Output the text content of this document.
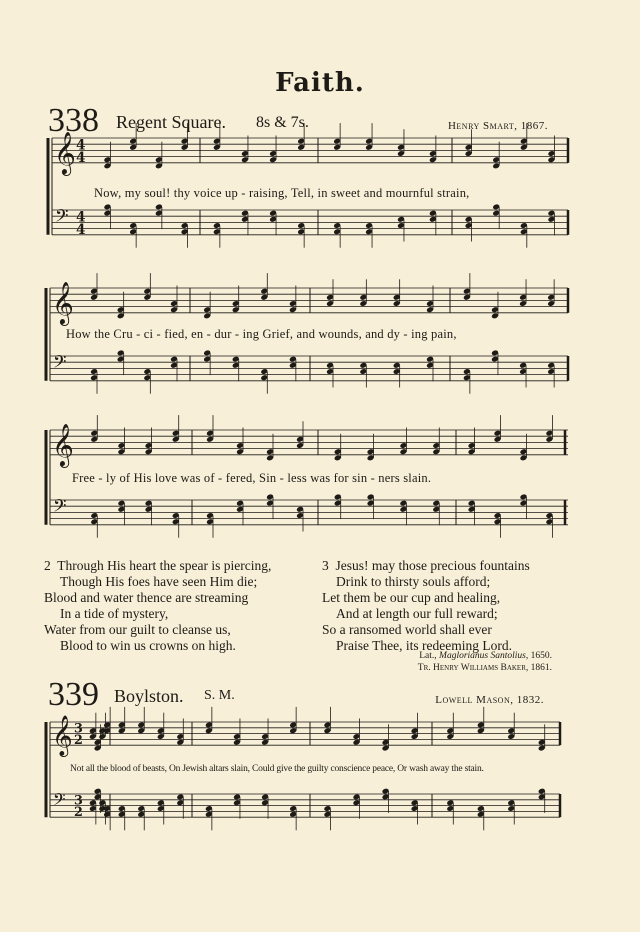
Faith.
338 Regent Square. 8s & 7s.	Henry Smart, 1867.
Now, my soul! thy voice up - raising, Tell, in sweet and mournful strain,
How the Cru - ci - fied, en - dur - ing Grief, and wounds, and dy - ing pain,
Free - ly of His love was of - fered, Sin - less was for sin - ners slain.
2 Through His heart the spear is piercing,
Though His foes have seen Him die;
Blood and water thence are streaming
In a tide of mystery,
Water from our guilt to cleanse us,
Blood to win us crowns on high.
3 Jesus! may those precious fountains
Drink to thirsty souls afford;
Let them be our cup and healing,
And at length our full reward;
So a ransomed world shall ever
Praise Thee, its redeeming Lord.
Lat., Maglorianus Santolius, 1650.
Tr. Henry Williams Baker, 1861.
339 Boylston. S. M.	Lowell Mason, 1832.
Not all the blood of beasts, On Jewish altars slain, Could give the guilty conscience peace, Or wash away the stain.
𝄞
𝄢
4
4
4
4
𝄞
𝄢
𝄞
𝄢
𝄞
𝄢
3
2
3
2
